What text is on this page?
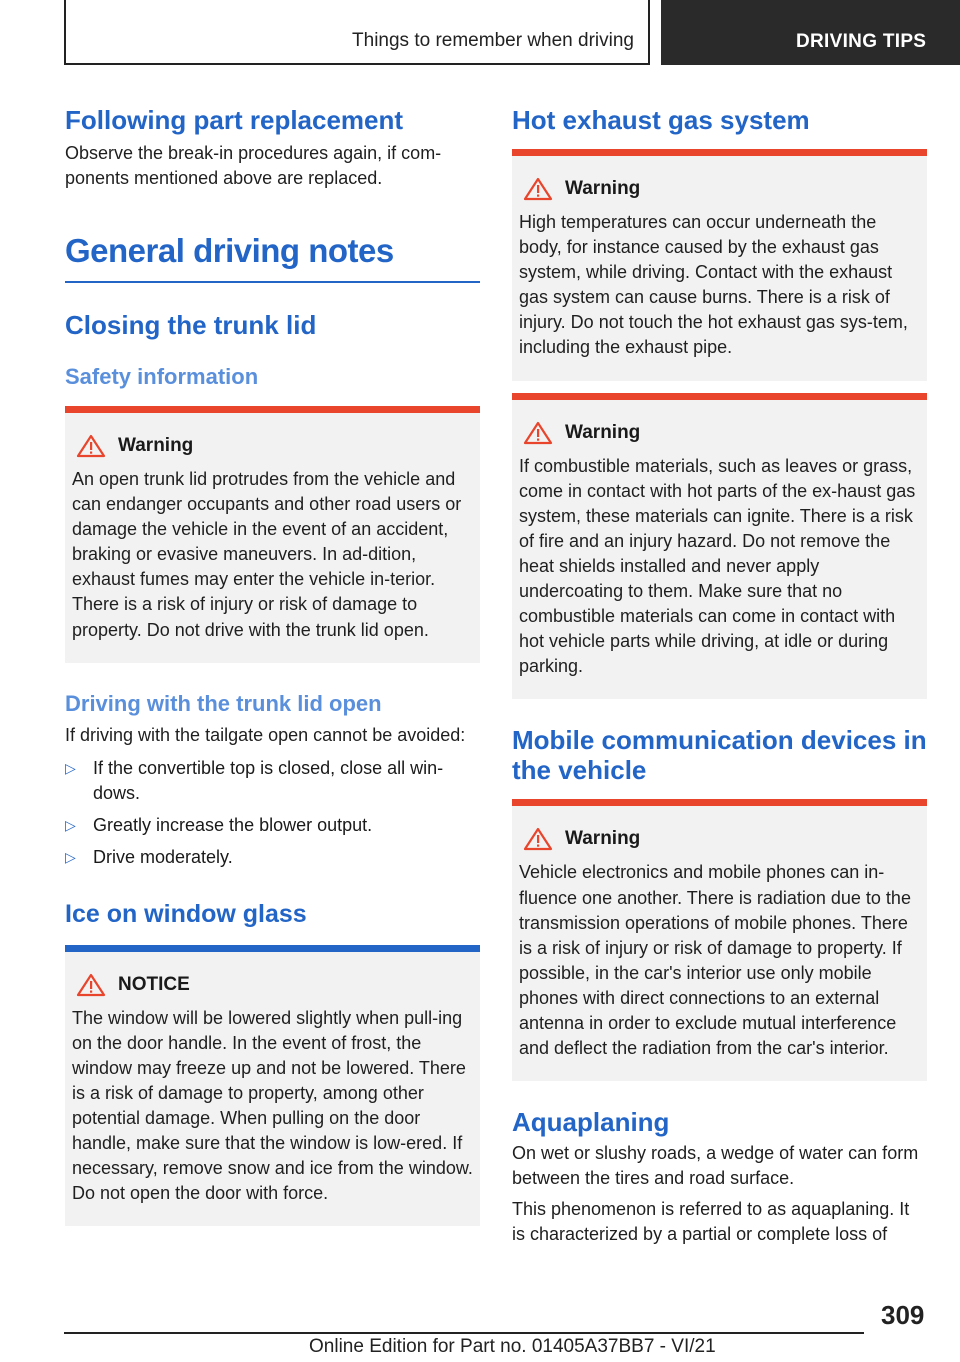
Things to remember when driving	DRIVING TIPS
Following part replacement

Observe the break-in procedures again, if com-ponents mentioned above are replaced.

General driving notes
Closing the trunk lid
Safety information
Warning
An open trunk lid protrudes from the vehicle and can endanger occupants and other road users or damage the vehicle in the event of an accident, braking or evasive maneuvers. In ad-dition, exhaust fumes may enter the vehicle in-terior. There is a risk of injury or risk of damage to property. Do not drive with the trunk lid open.
Driving with the trunk lid open

If driving with the tailgate open cannot be avoided:

▷ If the convertible top is closed, close all win-dows.
▷ Greatly increase the blower output.
▷ Drive moderately.
Ice on window glass
NOTICE
The window will be lowered slightly when pull-ing on the door handle. In the event of frost, the window may freeze up and not be lowered. There is a risk of damage to property, among other potential damage. When pulling on the door handle, make sure that the window is low-ered. If necessary, remove snow and ice from the window. Do not open the door with force.
Hot exhaust gas system
Warning
High temperatures can occur underneath the body, for instance caused by the exhaust gas system, while driving. Contact with the exhaust gas system can cause burns. There is a risk of injury. Do not touch the hot exhaust gas sys-tem, including the exhaust pipe.
Warning
If combustible materials, such as leaves or grass, come in contact with hot parts of the ex-haust gas system, these materials can ignite. There is a risk of fire and an injury hazard. Do not remove the heat shields installed and never apply undercoating to them. Make sure that no combustible materials can come in contact with hot vehicle parts while driving, at idle or during parking.
Mobile communication devices in the vehicle
Warning
Vehicle electronics and mobile phones can in-fluence one another. There is radiation due to the transmission operations of mobile phones. There is a risk of injury or risk of damage to property. If possible, in the car's interior use only mobile phones with direct connections to an external antenna in order to exclude mutual interference and deflect the radiation from the car's interior.
Aquaplaning

On wet or slushy roads, a wedge of water can form between the tires and road surface.

This phenomenon is referred to as aquaplaning. It is characterized by a partial or complete loss of

309
Online Edition for Part no. 01405A37BB7 - VI/21
